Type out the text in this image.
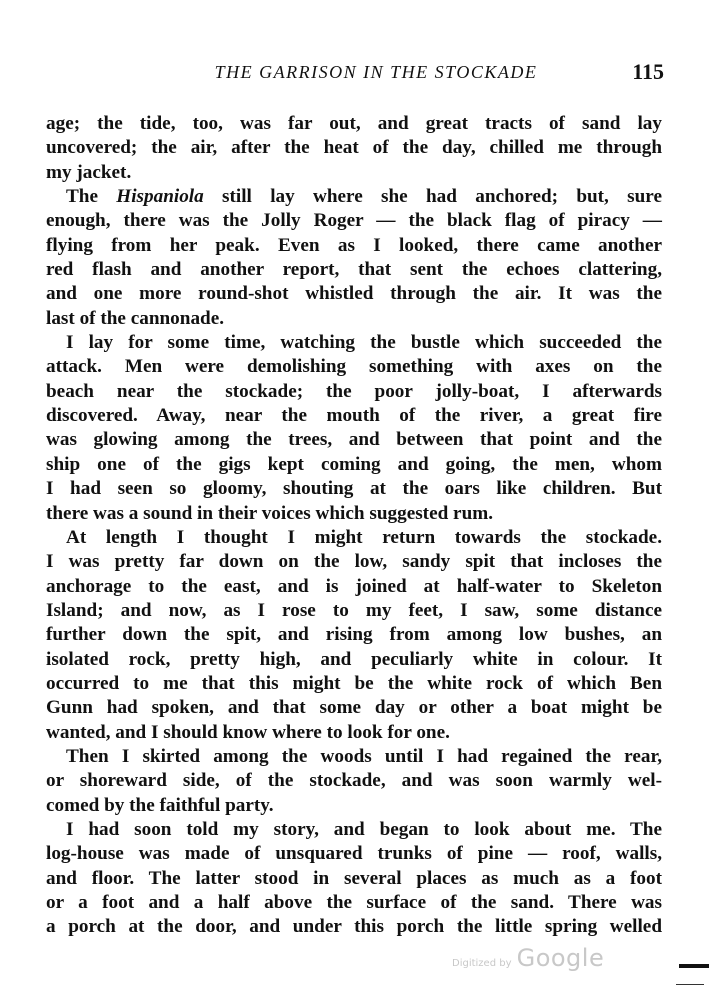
THE GARRISON IN THE STOCKADE	115
age; the tide, too, was far out, and great tracts of sand lay
uncovered; the air, after the heat of the day, chilled me through
my jacket.
The Hispaniola still lay where she had anchored; but, sure
enough, there was the Jolly Roger — the black flag of piracy —
flying from her peak. Even as I looked, there came another
red flash and another report, that sent the echoes clattering,
and one more round-shot whistled through the air. It was the
last of the cannonade.
I lay for some time, watching the bustle which succeeded the
attack. Men were demolishing something with axes on the
beach near the stockade; the poor jolly-boat, I afterwards
discovered. Away, near the mouth of the river, a great fire
was glowing among the trees, and between that point and the
ship one of the gigs kept coming and going, the men, whom
I had seen so gloomy, shouting at the oars like children. But
there was a sound in their voices which suggested rum.
At length I thought I might return towards the stockade.
I was pretty far down on the low, sandy spit that incloses the
anchorage to the east, and is joined at half-water to Skeleton
Island; and now, as I rose to my feet, I saw, some distance
further down the spit, and rising from among low bushes, an
isolated rock, pretty high, and peculiarly white in colour. It
occurred to me that this might be the white rock of which Ben
Gunn had spoken, and that some day or other a boat might be
wanted, and I should know where to look for one.
Then I skirted among the woods until I had regained the rear,
or shoreward side, of the stockade, and was soon warmly wel-
comed by the faithful party.
I had soon told my story, and began to look about me. The
log-house was made of unsquared trunks of pine — roof, walls,
and floor. The latter stood in several places as much as a foot
or a foot and a half above the surface of the sand. There was
a porch at the door, and under this porch the little spring welled
Digitized by Google
